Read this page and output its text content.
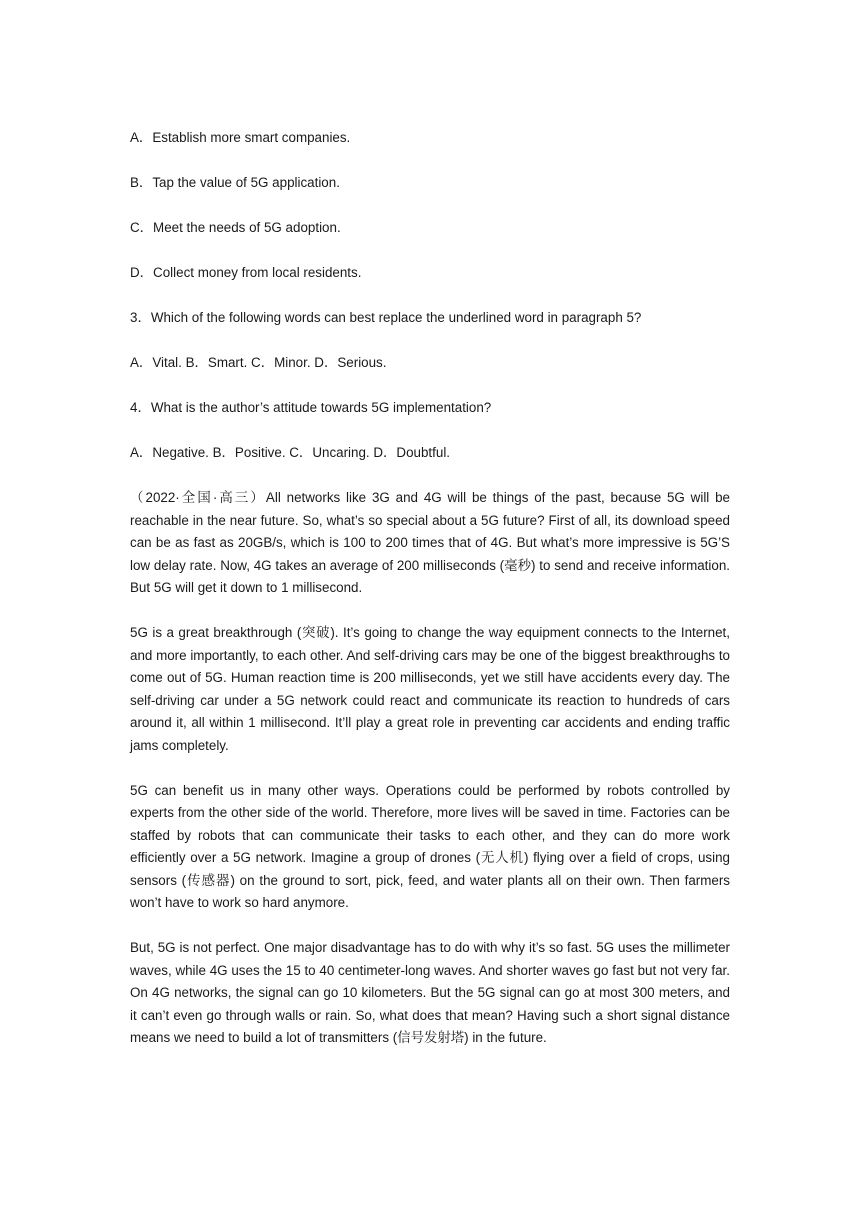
A．Establish more smart companies.

B．Tap the value of 5G application.

C．Meet the needs of 5G adoption.

D．Collect money from local residents.

3．Which of the following words can best replace the underlined word in paragraph 5?

A．Vital. B．Smart. C．Minor. D．Serious.

4．What is the author’s attitude towards 5G implementation?

A．Negative. B．Positive. C．Uncaring. D．Doubtful.

（2022·全国·高三）All networks like 3G and 4G will be things of the past, because 5G will be reachable in the near future. So, what’s so special about a 5G future? First of all, its download speed can be as fast as 20GB/s, which is 100 to 200 times that of 4G. But what’s more impressive is 5G’S low delay rate. Now, 4G takes an average of 200 milliseconds (毫秒) to send and receive information. But 5G will get it down to 1 millisecond.

5G is a great breakthrough (突破). It’s going to change the way equipment connects to the Internet, and more importantly, to each other. And self-driving cars may be one of the biggest breakthroughs to come out of 5G. Human reaction time is 200 milliseconds, yet we still have accidents every day. The self-driving car under a 5G network could react and communicate its reaction to hundreds of cars around it, all within 1 millisecond. It’ll play a great role in preventing car accidents and ending traffic jams completely.

5G can benefit us in many other ways. Operations could be performed by robots controlled by experts from the other side of the world. Therefore, more lives will be saved in time. Factories can be staffed by robots that can communicate their tasks to each other, and they can do more work efficiently over a 5G network. Imagine a group of drones (无人机) flying over a field of crops, using sensors (传感器) on the ground to sort, pick, feed, and water plants all on their own. Then farmers won’t have to work so hard anymore.

But, 5G is not perfect. One major disadvantage has to do with why it’s so fast. 5G uses the millimeter waves, while 4G uses the 15 to 40 centimeter-long waves. And shorter waves go fast but not very far. On 4G networks, the signal can go 10 kilometers. But the 5G signal can go at most 300 meters, and it can’t even go through walls or rain. So, what does that mean? Having such a short signal distance means we need to build a lot of transmitters (信号发射塔) in the future.
